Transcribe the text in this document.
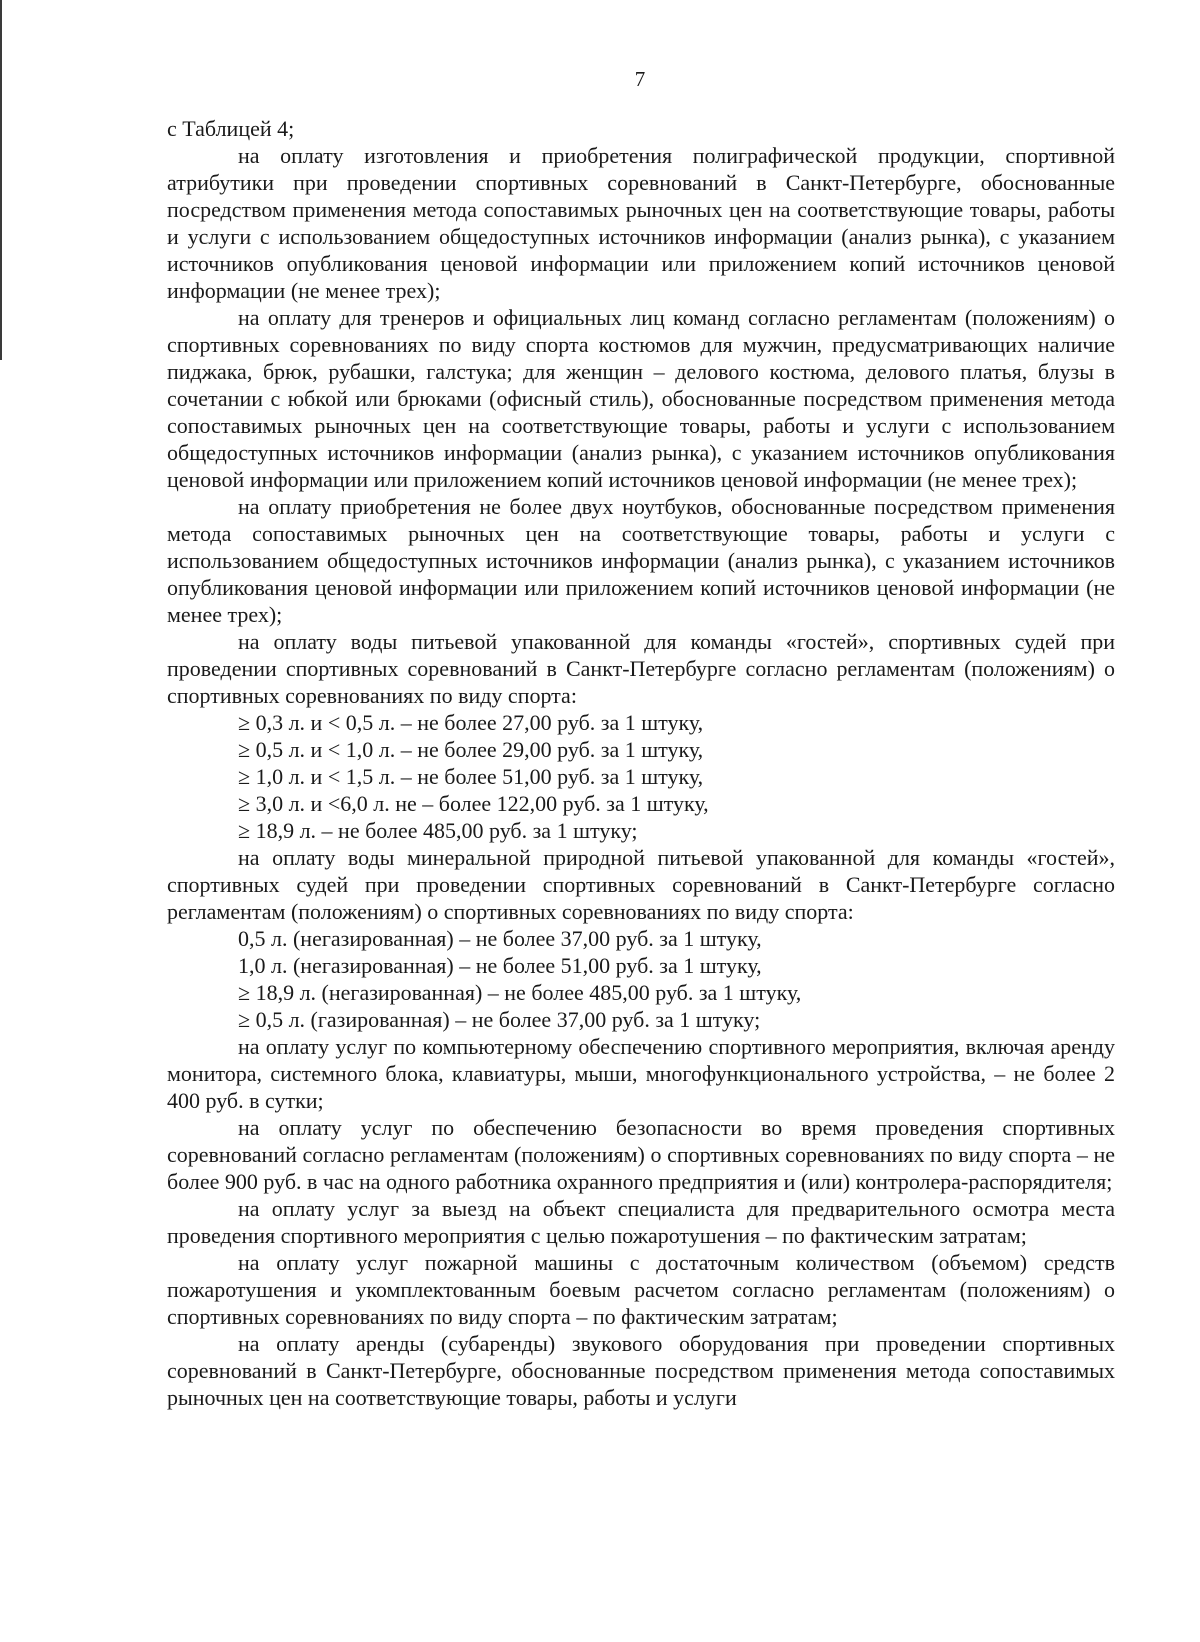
7

с Таблицей 4;

на оплату изготовления и приобретения полиграфической продукции, спортивной атрибутики при проведении спортивных соревнований в Санкт-Петербурге, обоснованные посредством применения метода сопоставимых рыночных цен на соответствующие товары, работы и услуги с использованием общедоступных источников информации (анализ рынка), с указанием источников опубликования ценовой информации или приложением копий источников ценовой информации (не менее трех);

на оплату для тренеров и официальных лиц команд согласно регламентам (положениям) о спортивных соревнованиях по виду спорта костюмов для мужчин, предусматривающих наличие пиджака, брюк, рубашки, галстука; для женщин – делового костюма, делового платья, блузы в сочетании с юбкой или брюками (офисный стиль), обоснованные посредством применения метода сопоставимых рыночных цен на соответствующие товары, работы и услуги с использованием общедоступных источников информации (анализ рынка), с указанием источников опубликования ценовой информации или приложением копий источников ценовой информации (не менее трех);

на оплату приобретения не более двух ноутбуков, обоснованные посредством применения метода сопоставимых рыночных цен на соответствующие товары, работы и услуги с использованием общедоступных источников информации (анализ рынка), с указанием источников опубликования ценовой информации или приложением копий источников ценовой информации (не менее трех);

на оплату воды питьевой упакованной для команды «гостей», спортивных судей при проведении спортивных соревнований в Санкт-Петербурге согласно регламентам (положениям) о спортивных соревнованиях по виду спорта:

≥ 0,3 л. и < 0,5 л. – не более 27,00 руб. за 1 штуку,

≥ 0,5 л. и < 1,0 л. – не более 29,00 руб. за 1 штуку,

≥ 1,0 л. и < 1,5 л. – не более 51,00 руб. за 1 штуку,

≥ 3,0 л. и <6,0 л. не – более 122,00 руб. за 1 штуку,

≥ 18,9 л. – не более 485,00 руб. за 1 штуку;

на оплату воды минеральной природной питьевой упакованной для команды «гостей», спортивных судей при проведении спортивных соревнований в Санкт-Петербурге согласно регламентам (положениям) о спортивных соревнованиях по виду спорта:

0,5 л. (негазированная) – не более 37,00 руб. за 1 штуку,

1,0 л. (негазированная) – не более 51,00 руб. за 1 штуку,

≥ 18,9 л. (негазированная) – не более 485,00 руб. за 1 штуку,

≥ 0,5 л. (газированная) – не более 37,00 руб. за 1 штуку;

на оплату услуг по компьютерному обеспечению спортивного мероприятия, включая аренду монитора, системного блока, клавиатуры, мыши, многофункционального устройства, – не более 2 400 руб. в сутки;

на оплату услуг по обеспечению безопасности во время проведения спортивных соревнований согласно регламентам (положениям) о спортивных соревнованиях по виду спорта – не более 900 руб. в час на одного работника охранного предприятия и (или) контролера-распорядителя;

на оплату услуг за выезд на объект специалиста для предварительного осмотра места проведения спортивного мероприятия с целью пожаротушения – по фактическим затратам;

на оплату услуг пожарной машины с достаточным количеством (объемом) средств пожаротушения и укомплектованным боевым расчетом согласно регламентам (положениям) о спортивных соревнованиях по виду спорта – по фактическим затратам;

на оплату аренды (субаренды) звукового оборудования при проведении спортивных соревнований в Санкт-Петербурге, обоснованные посредством применения метода сопоставимых рыночных цен на соответствующие товары, работы и услуги
